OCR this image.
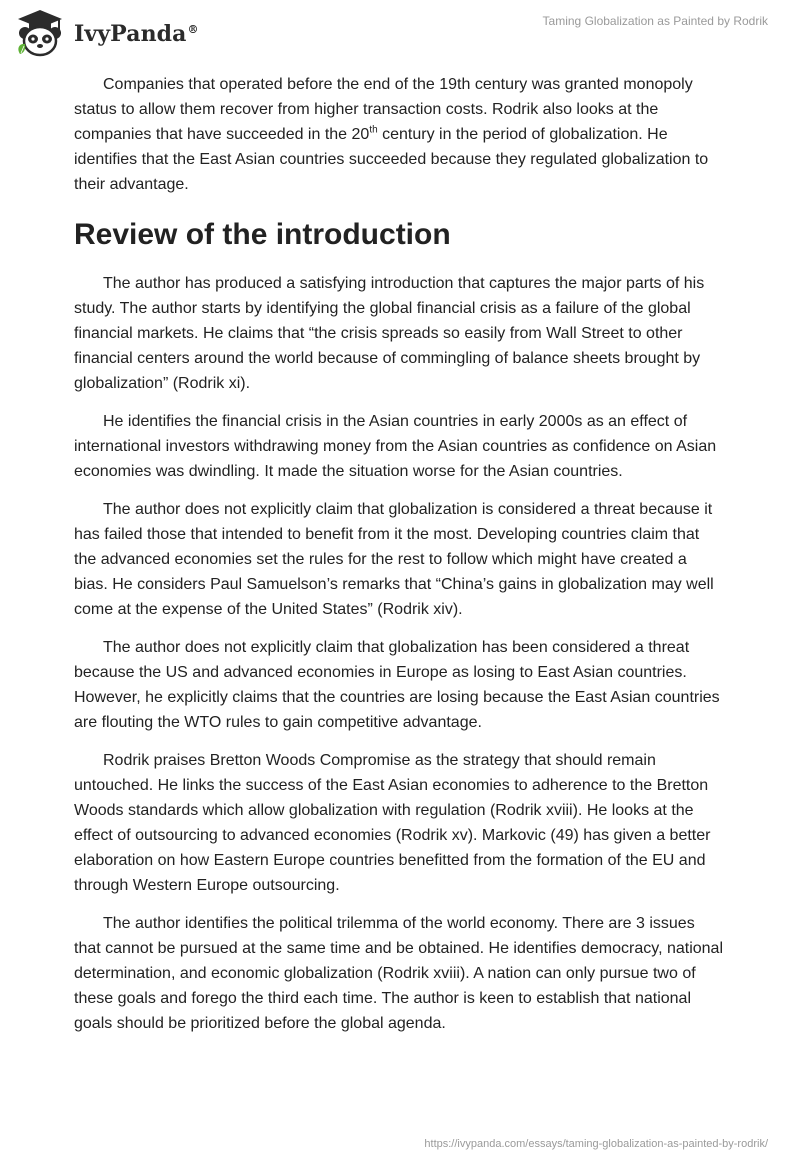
IvyPanda®
Taming Globalization as Painted by Rodrik

Companies that operated before the end of the 19th century was granted monopoly status to allow them recover from higher transaction costs. Rodrik also looks at the companies that have succeeded in the 20th century in the period of globalization. He identifies that the East Asian countries succeeded because they regulated globalization to their advantage.

Review of the introduction

The author has produced a satisfying introduction that captures the major parts of his study. The author starts by identifying the global financial crisis as a failure of the global financial markets. He claims that “the crisis spreads so easily from Wall Street to other financial centers around the world because of commingling of balance sheets brought by globalization” (Rodrik xi).

He identifies the financial crisis in the Asian countries in early 2000s as an effect of international investors withdrawing money from the Asian countries as confidence on Asian economies was dwindling. It made the situation worse for the Asian countries.

The author does not explicitly claim that globalization is considered a threat because it has failed those that intended to benefit from it the most. Developing countries claim that the advanced economies set the rules for the rest to follow which might have created a bias. He considers Paul Samuelson’s remarks that “China’s gains in globalization may well come at the expense of the United States” (Rodrik xiv).

The author does not explicitly claim that globalization has been considered a threat because the US and advanced economies in Europe as losing to East Asian countries. However, he explicitly claims that the countries are losing because the East Asian countries are flouting the WTO rules to gain competitive advantage.

Rodrik praises Bretton Woods Compromise as the strategy that should remain untouched. He links the success of the East Asian economies to adherence to the Bretton Woods standards which allow globalization with regulation (Rodrik xviii). He looks at the effect of outsourcing to advanced economies (Rodrik xv). Markovic (49) has given a better elaboration on how Eastern Europe countries benefitted from the formation of the EU and through Western Europe outsourcing.

The author identifies the political trilemma of the world economy. There are 3 issues that cannot be pursued at the same time and be obtained. He identifies democracy, national determination, and economic globalization (Rodrik xviii). A nation can only pursue two of these goals and forego the third each time. The author is keen to establish that national goals should be prioritized before the global agenda.

https://ivypanda.com/essays/taming-globalization-as-painted-by-rodrik/
